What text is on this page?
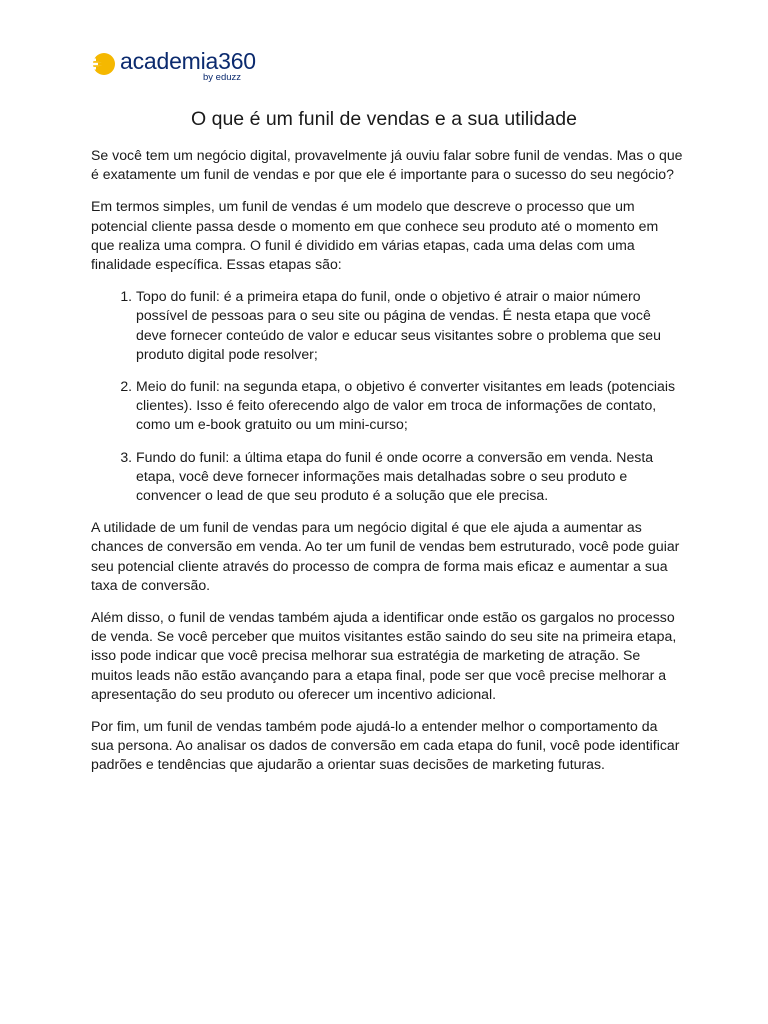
academia360
by eduzz
O que é um funil de vendas e a sua utilidade

Se você tem um negócio digital, provavelmente já ouviu falar sobre funil de vendas. Mas o que é exatamente um funil de vendas e por que ele é importante para o sucesso do seu negócio?

Em termos simples, um funil de vendas é um modelo que descreve o processo que um potencial cliente passa desde o momento em que conhece seu produto até o momento em que realiza uma compra. O funil é dividido em várias etapas, cada uma delas com uma finalidade específica. Essas etapas são:

1. Topo do funil: é a primeira etapa do funil, onde o objetivo é atrair o maior número possível de pessoas para o seu site ou página de vendas. É nesta etapa que você deve fornecer conteúdo de valor e educar seus visitantes sobre o problema que seu produto digital pode resolver;
2. Meio do funil: na segunda etapa, o objetivo é converter visitantes em leads (potenciais clientes). Isso é feito oferecendo algo de valor em troca de informações de contato, como um e-book gratuito ou um mini-curso;
3. Fundo do funil: a última etapa do funil é onde ocorre a conversão em venda. Nesta etapa, você deve fornecer informações mais detalhadas sobre o seu produto e convencer o lead de que seu produto é a solução que ele precisa.

A utilidade de um funil de vendas para um negócio digital é que ele ajuda a aumentar as chances de conversão em venda. Ao ter um funil de vendas bem estruturado, você pode guiar seu potencial cliente através do processo de compra de forma mais eficaz e aumentar a sua taxa de conversão.

Além disso, o funil de vendas também ajuda a identificar onde estão os gargalos no processo de venda. Se você perceber que muitos visitantes estão saindo do seu site na primeira etapa, isso pode indicar que você precisa melhorar sua estratégia de marketing de atração. Se muitos leads não estão avançando para a etapa final, pode ser que você precise melhorar a apresentação do seu produto ou oferecer um incentivo adicional.

Por fim, um funil de vendas também pode ajudá-lo a entender melhor o comportamento da sua persona. Ao analisar os dados de conversão em cada etapa do funil, você pode identificar padrões e tendências que ajudarão a orientar suas decisões de marketing futuras.
